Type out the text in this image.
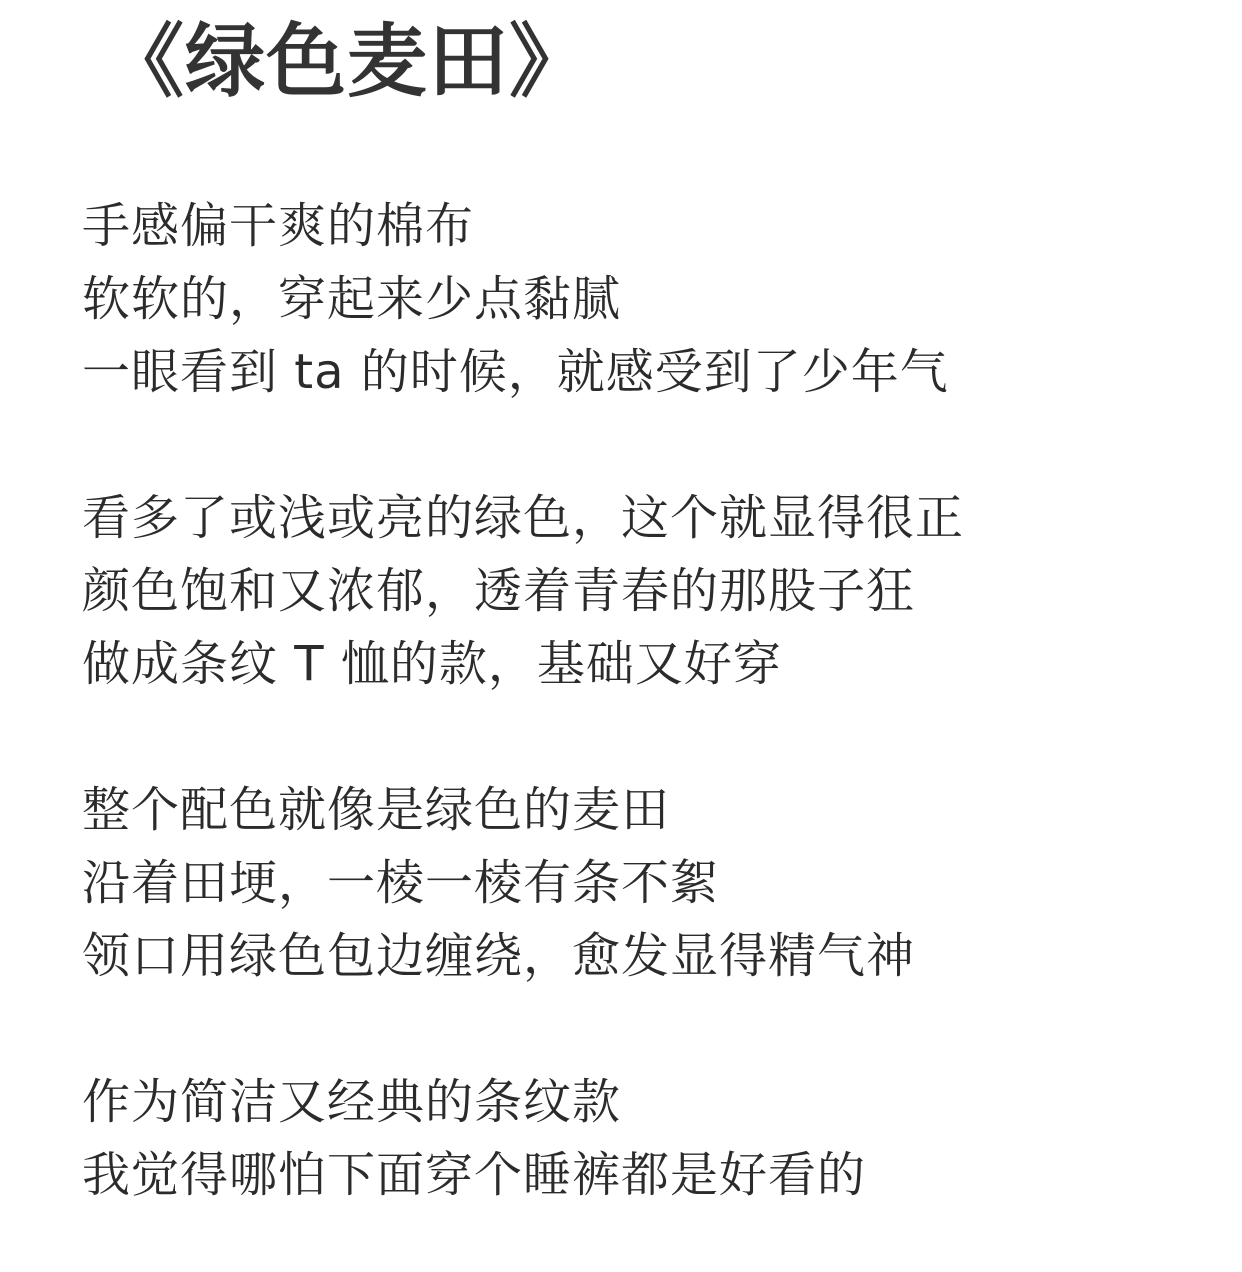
《绿色麦田》
手感偏干爽的棉布
软软的，穿起来少点黏腻
一眼看到 ta 的时候，就感受到了少年气
看多了或浅或亮的绿色，这个就显得很正
颜色饱和又浓郁，透着青春的那股子狂
做成条纹 T 恤的款，基础又好穿
整个配色就像是绿色的麦田
沿着田埂，一棱一棱有条不絮
领口用绿色包边缠绕，愈发显得精气神
作为简洁又经典的条纹款
我觉得哪怕下面穿个睡裤都是好看的
